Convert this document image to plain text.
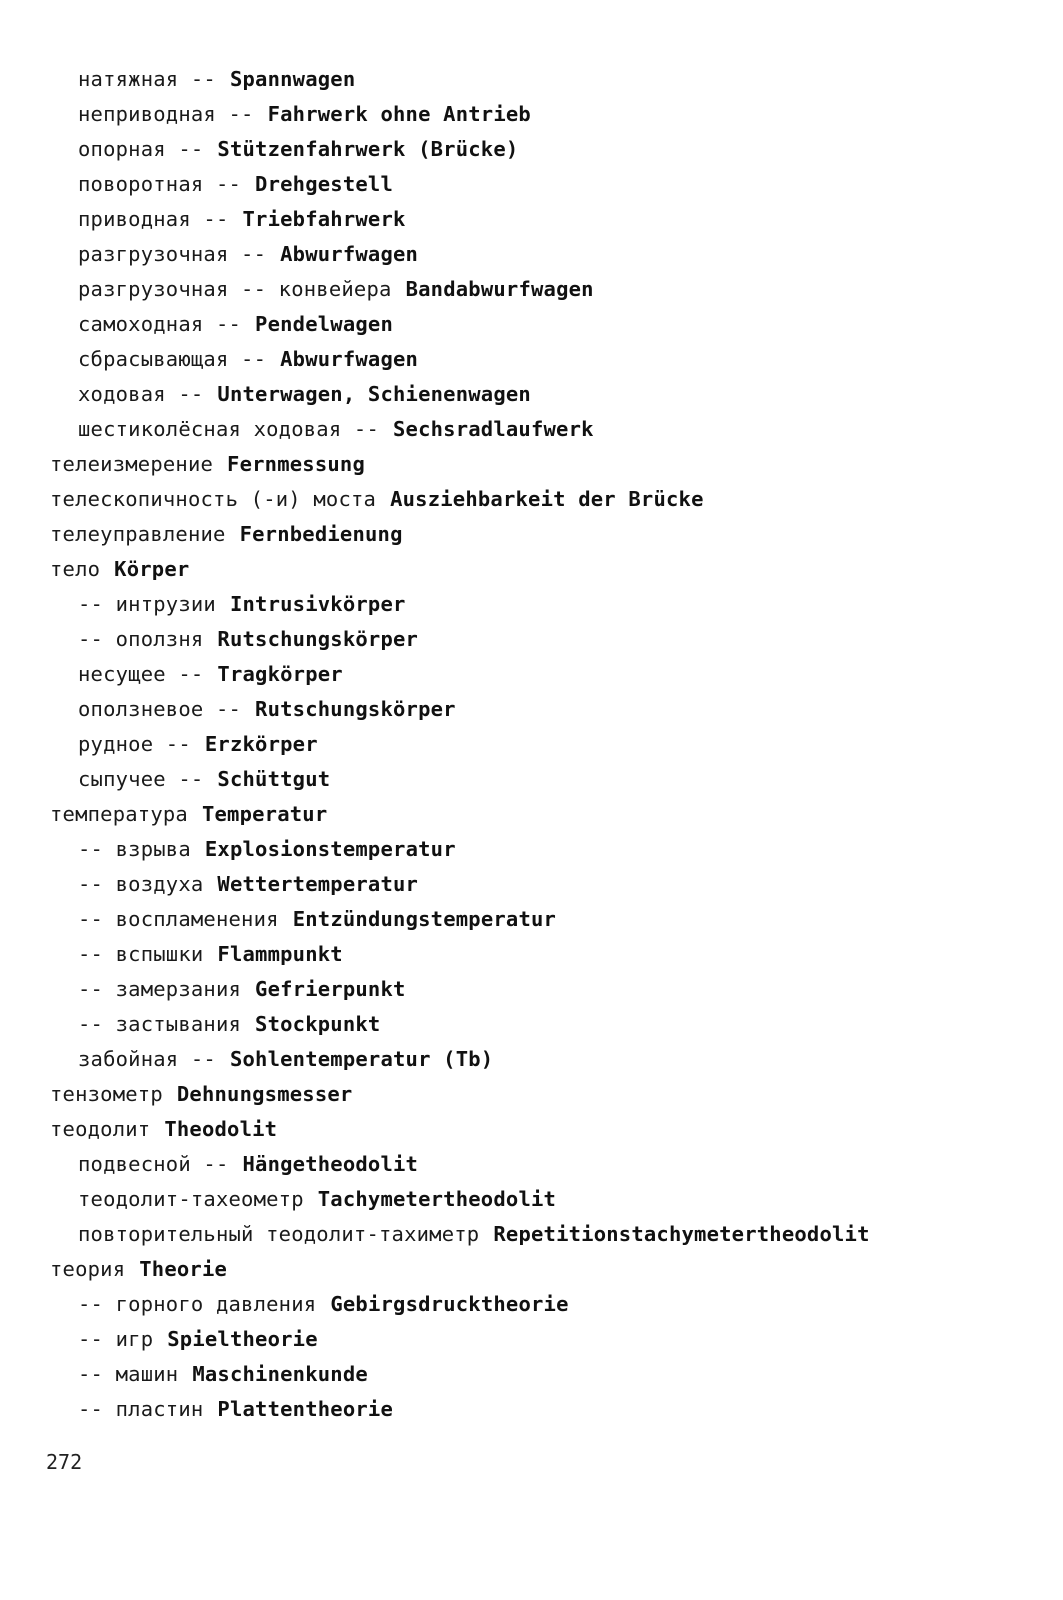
натяжная -- Spannwagen
неприводная -- Fahrwerk ohne Antrieb
опорная -- Stützenfahrwerk (Brücke)
поворотная -- Drehgestell
приводная -- Triebfahrwerk
разгрузочная -- Abwurfwagen
разгрузочная -- конвейера Bandabwurfwagen
самоходная -- Pendelwagen
сбрасывающая -- Abwurfwagen
ходовая -- Unterwagen, Schienenwagen
шестиколёсная ходовая -- Sechsradlaufwerk
телеизмерение Fernmessung
телескопичность (-и) моста Ausziehbarkeit der Brücke
телеуправление Fernbedienung
тело Körper
-- интрузии Intrusivkörper
-- оползня Rutschungskörper
несущее -- Tragkörper
оползневое -- Rutschungskörper
рудное -- Erzkörper
сыпучее -- Schüttgut
температура Temperatur
-- взрыва Explosionstemperatur
-- воздуха Wettertemperatur
-- воспламенения Entzündungstemperatur
-- вспышки Flammpunkt
-- замерзания Gefrierpunkt
-- застывания Stockpunkt
забойная -- Sohlentemperatur (Tb)
тензометр Dehnungsmesser
теодолит Theodolit
подвесной -- Hängetheodolit
теодолит-тахеометр Tachymetertheodolit
повторительный теодолит-тахиметр Repetitionstachymetertheodolit
теория Theorie
-- горного давления Gebirgsdrucktheorie
-- игр Spieltheorie
-- машин Maschinenkunde
-- пластин Plattentheorie
272
